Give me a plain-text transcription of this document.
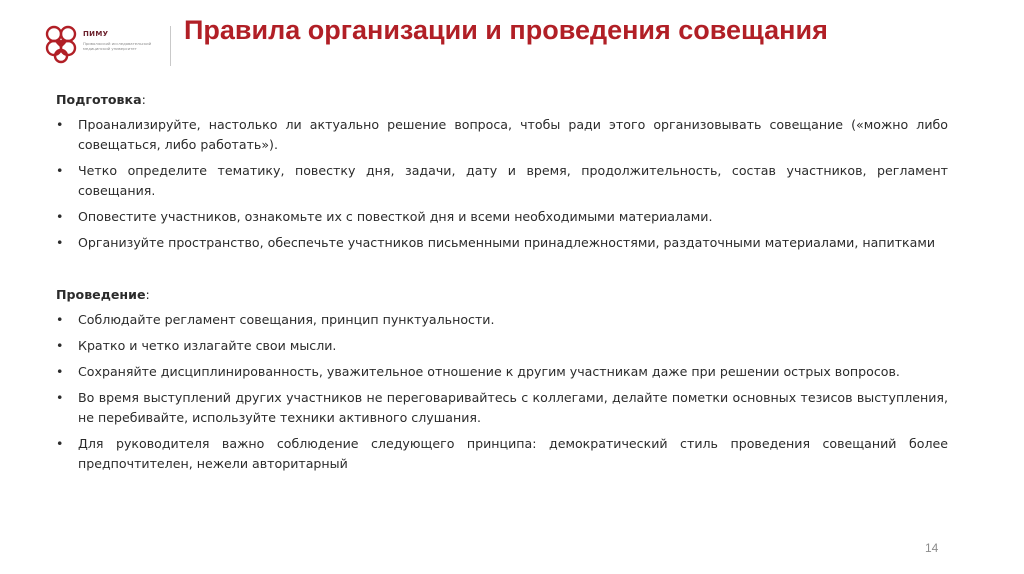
ПИМУ
Приволжский исследовательский медицинский университет
Правила организации и проведения совещания

Подготовка:

• Проанализируйте, настолько ли актуально решение вопроса, чтобы ради этого организовывать совещание («можно либо совещаться, либо работать»).
• Четко определите тематику, повестку дня, задачи, дату и время, продолжительность, состав участников, регламент совещания.
• Оповестите участников, ознакомьте их с повесткой дня и всеми необходимыми материалами.
• Организуйте пространство, обеспечьте участников письменными принадлежностями, раздаточными материалами, напитками

Проведение:

• Соблюдайте регламент совещания, принцип пунктуальности.
• Кратко и четко излагайте свои мысли.
• Сохраняйте дисциплинированность, уважительное отношение к другим участникам даже при решении острых вопросов.
• Во время выступлений других участников не переговаривайтесь с коллегами, делайте пометки основных тезисов выступления, не перебивайте, используйте техники активного слушания.
• Для руководителя важно соблюдение следующего принципа: демократический стиль проведения совещаний более предпочтителен, нежели авторитарный
14
